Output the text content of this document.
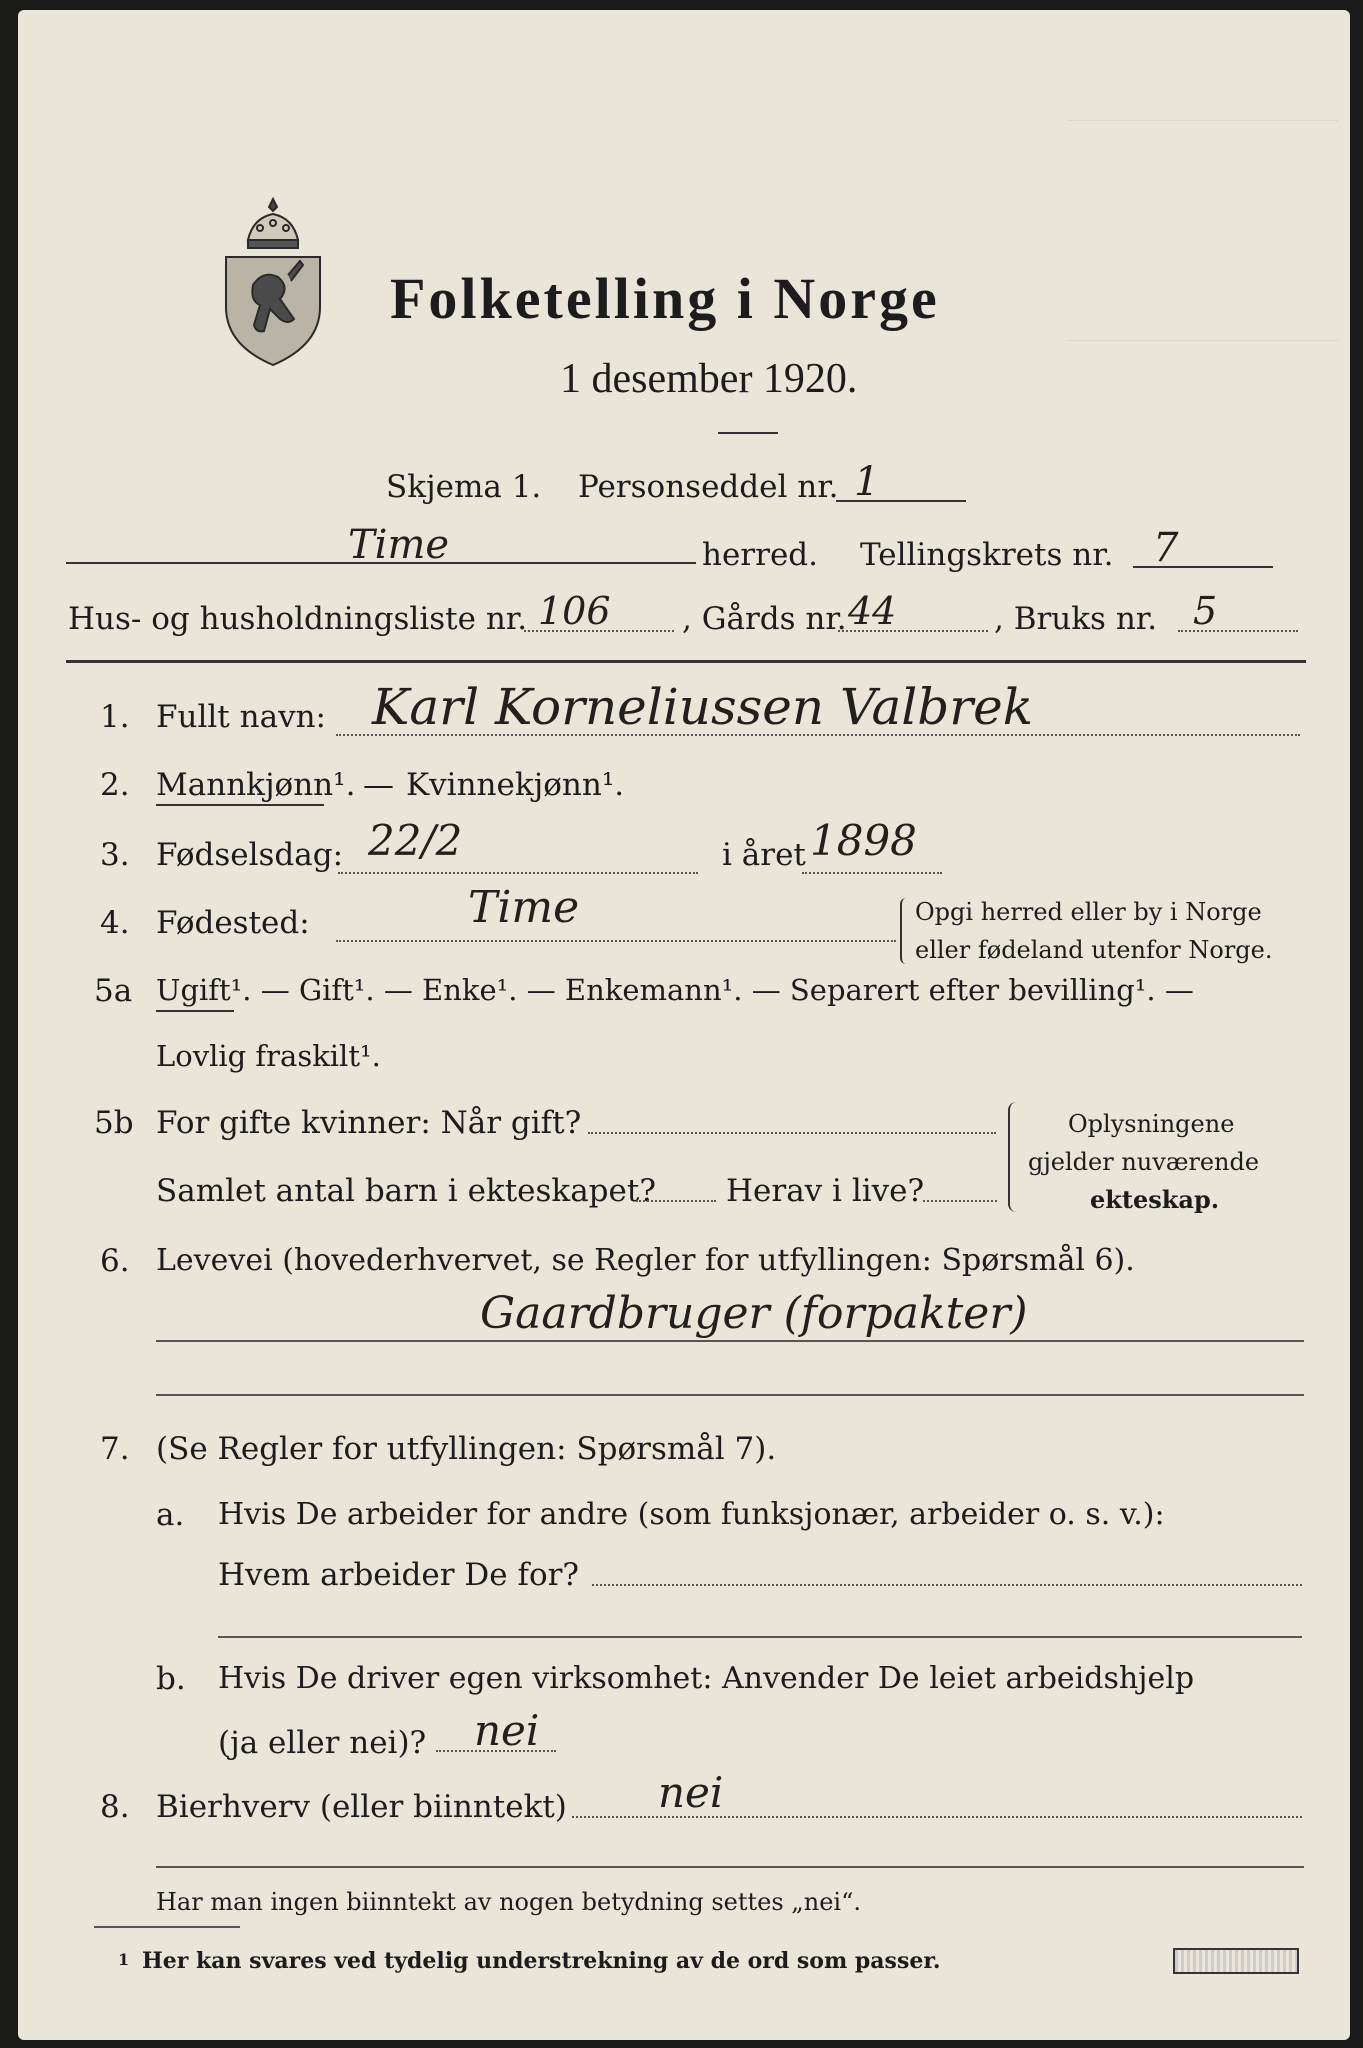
Folketelling i Norge
1 desember 1920.
Skjema 1. Personseddel nr. 1
Time	herred. Tellingskrets nr. 7
Hus- og husholdningsliste nr. 106 , Gårds nr. 44	, Bruks nr. 5
1. Fullt navn: Karl Korneliussen Valbrek
2. Mannkjønn¹. — Kvinnekjønn¹.
3. Fødselsdag: 22/2	i året 1898
4. Fødested:	Time	Opgi herred eller by i Norge
eller fødeland utenfor Norge.
5a Ugift¹. — Gift¹. — Enke¹. — Enkemann¹. — Separert efter bevilling¹. —
Lovlig fraskilt¹.
5b For gifte kvinner: Når gift?
Samlet antal barn i ekteskapet? Herav i live?
Oplysningene
gjelder nuværende
ekteskap.
6. Levevei (hovederhvervet, se Regler for utfyllingen: Spørsmål 6).
Gaardbruger (forpakter)
7. (Se Regler for utfyllingen: Spørsmål 7).
a. Hvis De arbeider for andre (som funksjonær, arbeider o. s. v.):
Hvem arbeider De for?
b. Hvis De driver egen virksomhet: Anvender De leiet arbeidshjelp
(ja eller nei)? nei
8. Bierhverv (eller biinntekt) nei
Har man ingen biinntekt av nogen betydning settes „nei“.
1 Her kan svares ved tydelig understrekning av de ord som passer.
